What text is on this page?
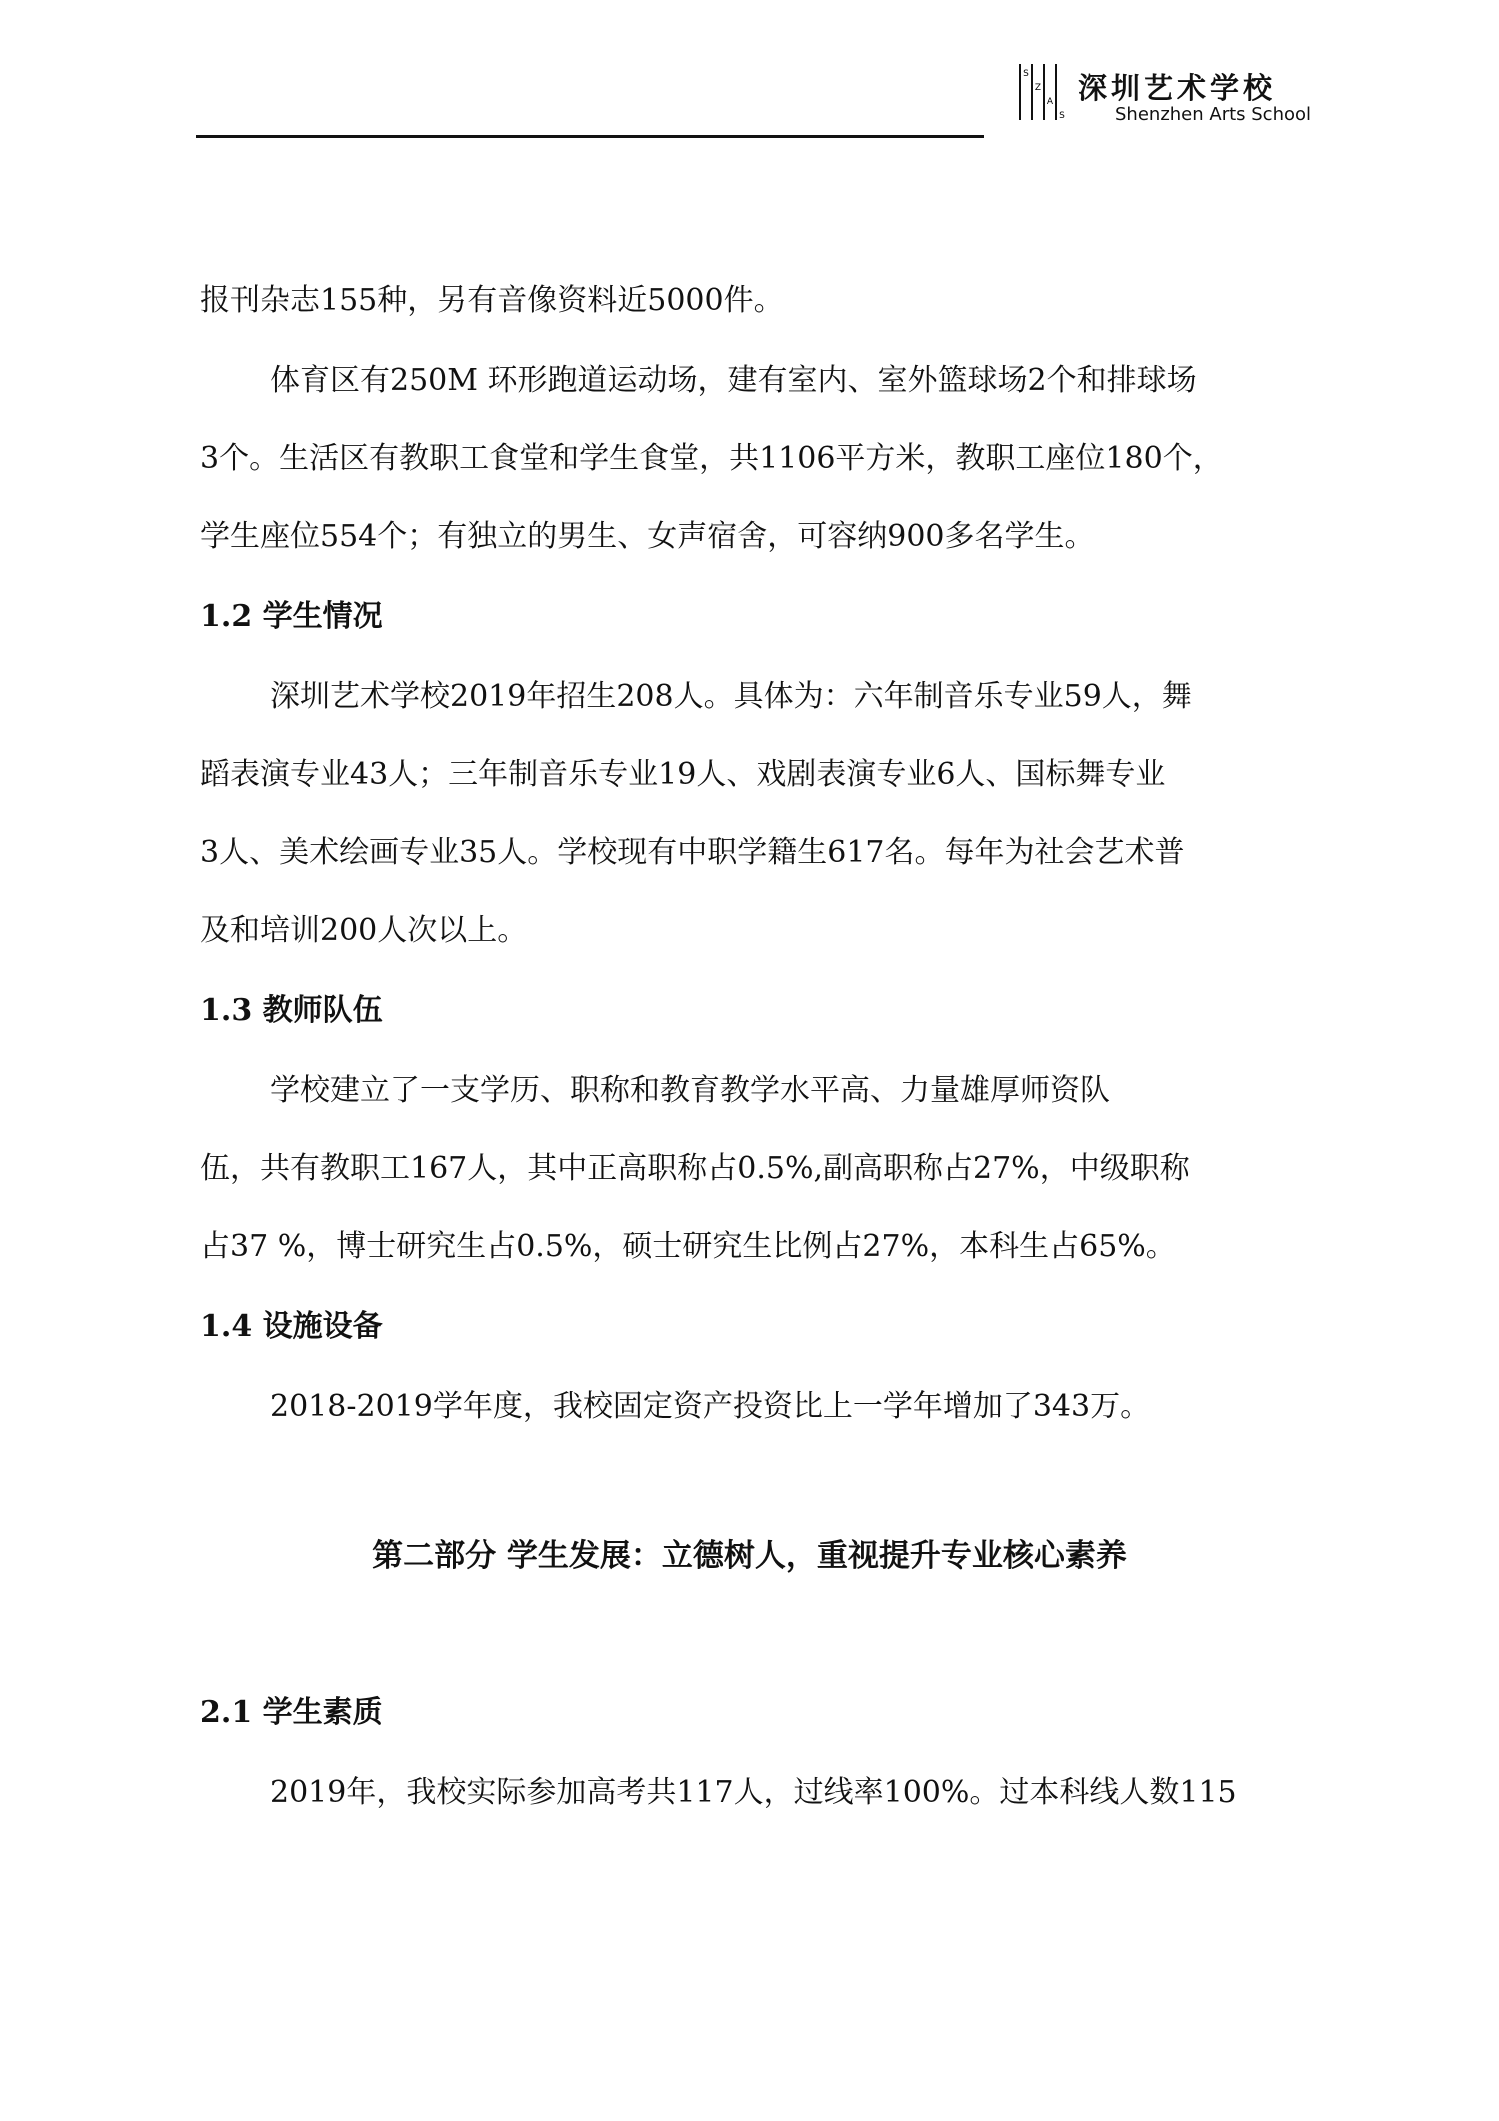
S
Z
A
S
深圳艺术学校
Shenzhen Arts School
报刊杂志155种，另有音像资料近5000件。
体育区有250M 环形跑道运动场，建有室内、室外篮球场2个和排球场
3个。生活区有教职工食堂和学生食堂，共1106平方米，教职工座位180个，
学生座位554个；有独立的男生、女声宿舍，可容纳900多名学生。
1.2 学生情况
深圳艺术学校2019年招生208人。具体为：六年制音乐专业59人，舞
蹈表演专业43人；三年制音乐专业19人、戏剧表演专业6人、国标舞专业
3人、美术绘画专业35人。学校现有中职学籍生617名。每年为社会艺术普
及和培训200人次以上。
1.3 教师队伍
学校建立了一支学历、职称和教育教学水平高、力量雄厚师资队
伍，共有教职工167人，其中正高职称占0.5%,副高职称占27%，中级职称
占37 %，博士研究生占0.5%，硕士研究生比例占27%，本科生占65%。
1.4 设施设备
2018-2019学年度，我校固定资产投资比上一学年增加了343万。
第二部分 学生发展：立德树人，重视提升专业核心素养
2.1 学生素质
2019年，我校实际参加高考共117人，过线率100%。过本科线人数115
